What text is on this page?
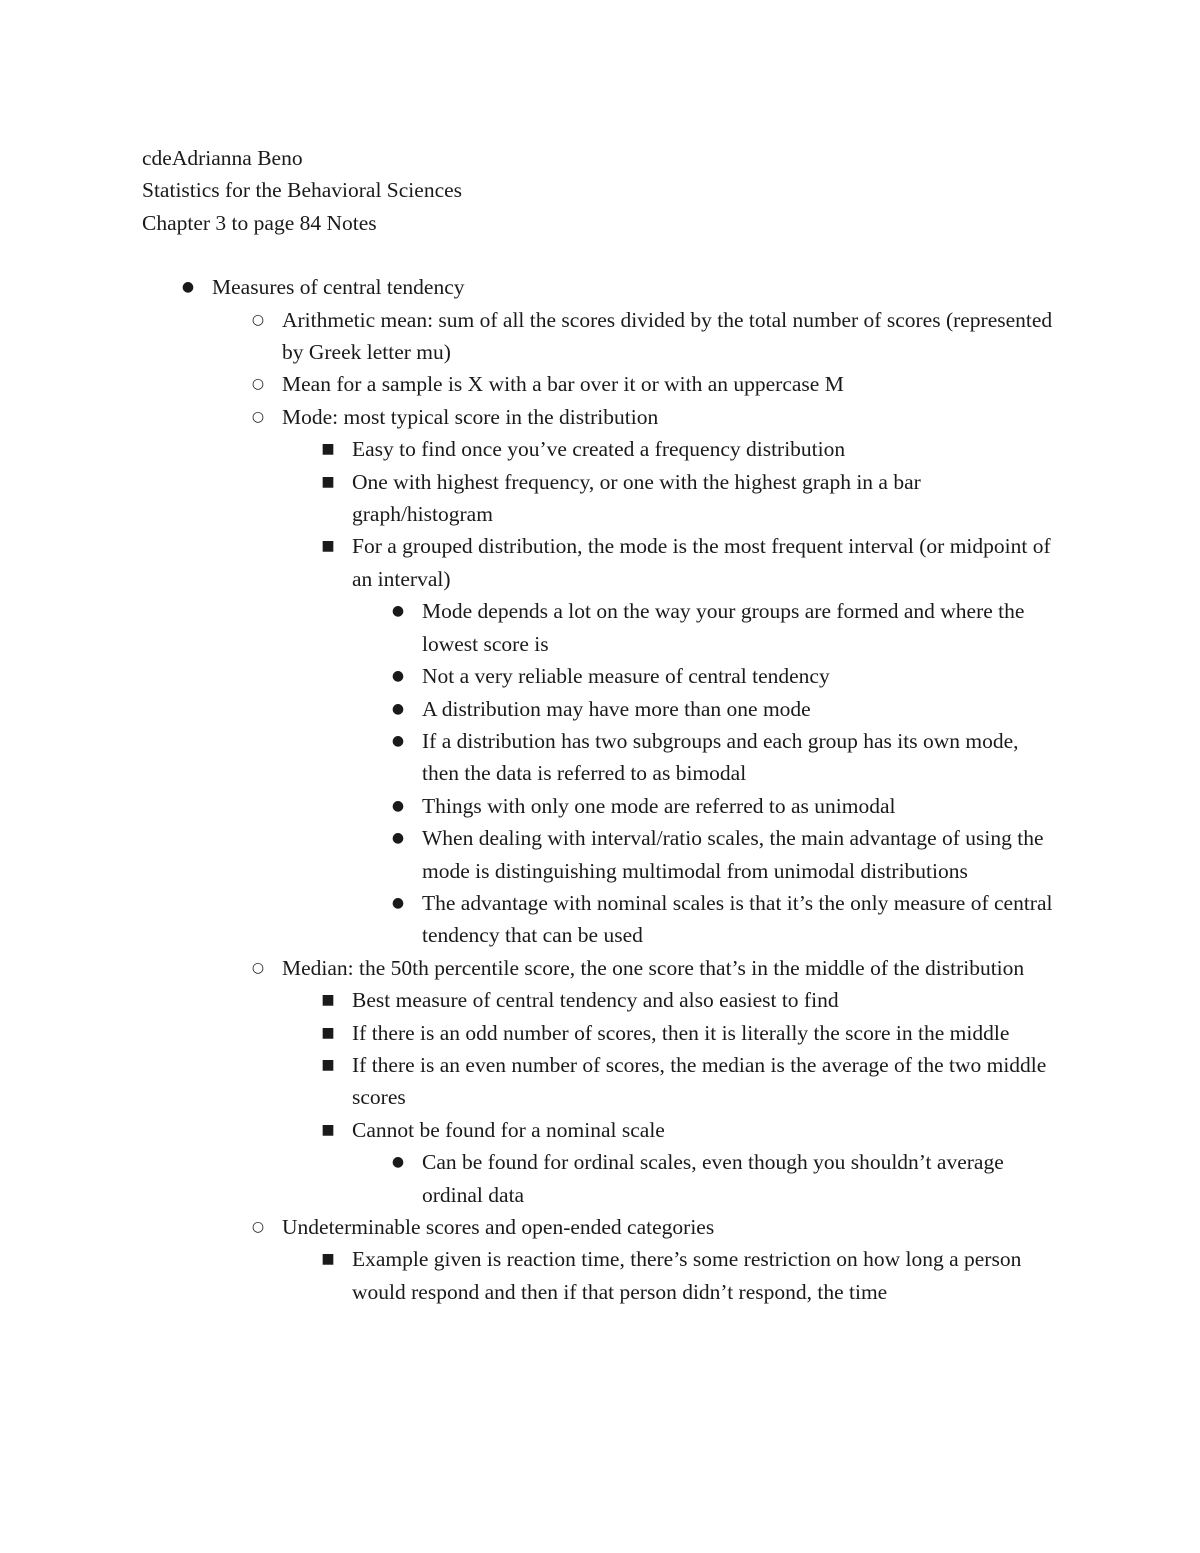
cdeAdrianna Beno

Statistics for the Behavioral Sciences

Chapter 3 to page 84 Notes

● Measures of central tendency
○ Arithmetic mean: sum of all the scores divided by the total number of scores (represented by Greek letter mu)
○ Mean for a sample is X with a bar over it or with an uppercase M
○ Mode: most typical score in the distribution
■ Easy to find once you’ve created a frequency distribution
■ One with highest frequency, or one with the highest graph in a bar graph/histogram
■ For a grouped distribution, the mode is the most frequent interval (or midpoint of an interval)
● Mode depends a lot on the way your groups are formed and where the lowest score is
● Not a very reliable measure of central tendency
● A distribution may have more than one mode
● If a distribution has two subgroups and each group has its own mode, then the data is referred to as bimodal
● Things with only one mode are referred to as unimodal
● When dealing with interval/ratio scales, the main advantage of using the mode is distinguishing multimodal from unimodal distributions
● The advantage with nominal scales is that it’s the only measure of central tendency that can be used
○ Median: the 50th percentile score, the one score that’s in the middle of the distribution
■ Best measure of central tendency and also easiest to find
■ If there is an odd number of scores, then it is literally the score in the middle
■ If there is an even number of scores, the median is the average of the two middle scores
■ Cannot be found for a nominal scale
● Can be found for ordinal scales, even though you shouldn’t average ordinal data
○ Undeterminable scores and open-ended categories
■ Example given is reaction time, there’s some restriction on how long a person would respond and then if that person didn’t respond, the time
